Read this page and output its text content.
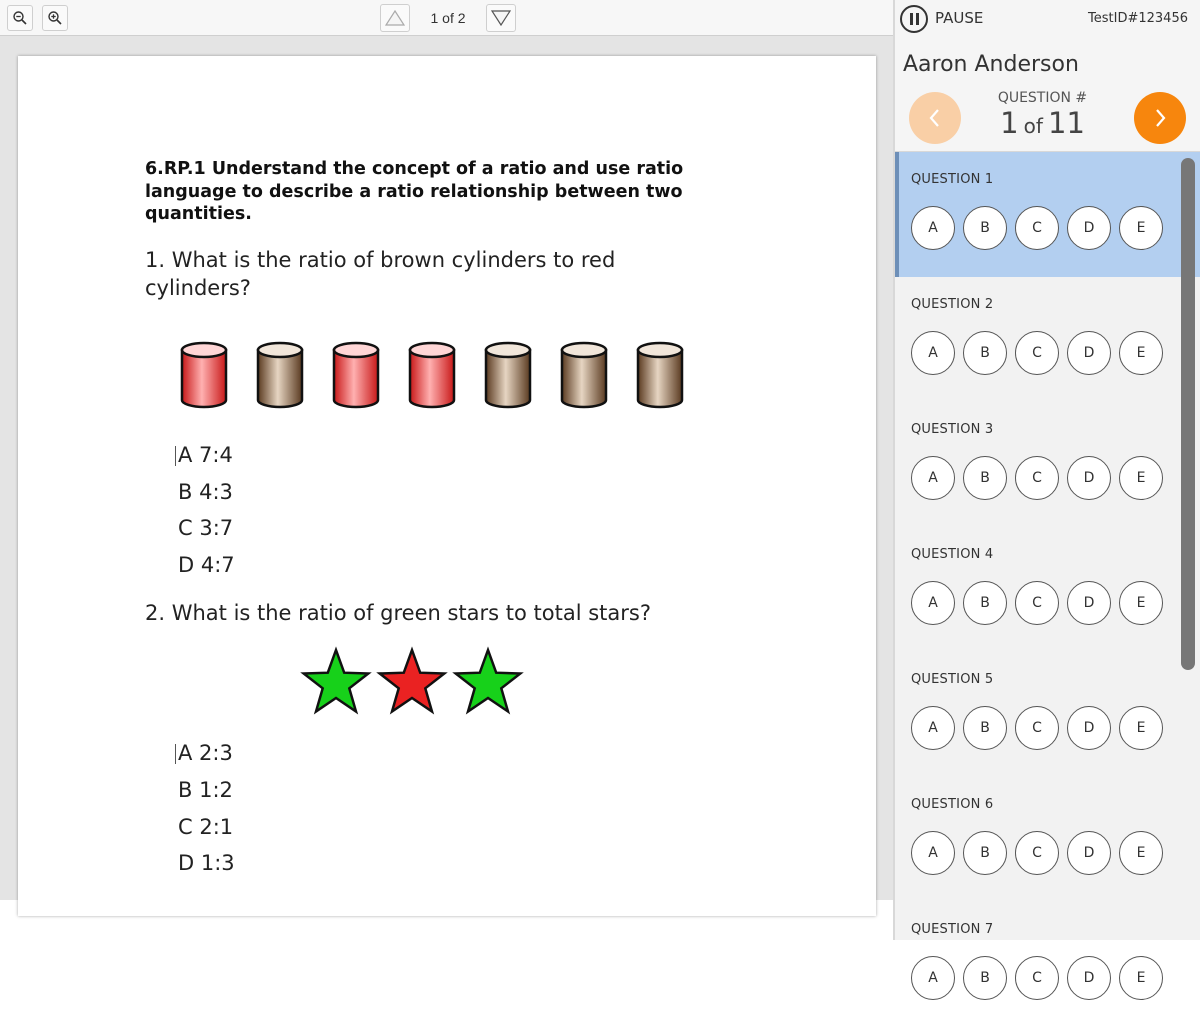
1 of 2
6.RP.1 Understand the concept of a ratio and use ratio language to describe a ratio relationship between two quantities.
1. What is the ratio of brown cylinders to red cylinders?
A 7:4
B 4:3
C 3:7
D 4:7
2. What is the ratio of green stars to total stars?
A 2:3
B 1:2
C 2:1
D 1:3
PAUSE	TestID#123456
Aaron Anderson
QUESTION #
1 of 11
QUESTION 1
A	B	C	D	E
QUESTION 2
A	B	C	D	E
QUESTION 3
A	B	C	D	E
QUESTION 4
A	B	C	D	E
QUESTION 5
A	B	C	D	E
QUESTION 6
A	B	C	D	E
QUESTION 7
A	B	C	D	E
